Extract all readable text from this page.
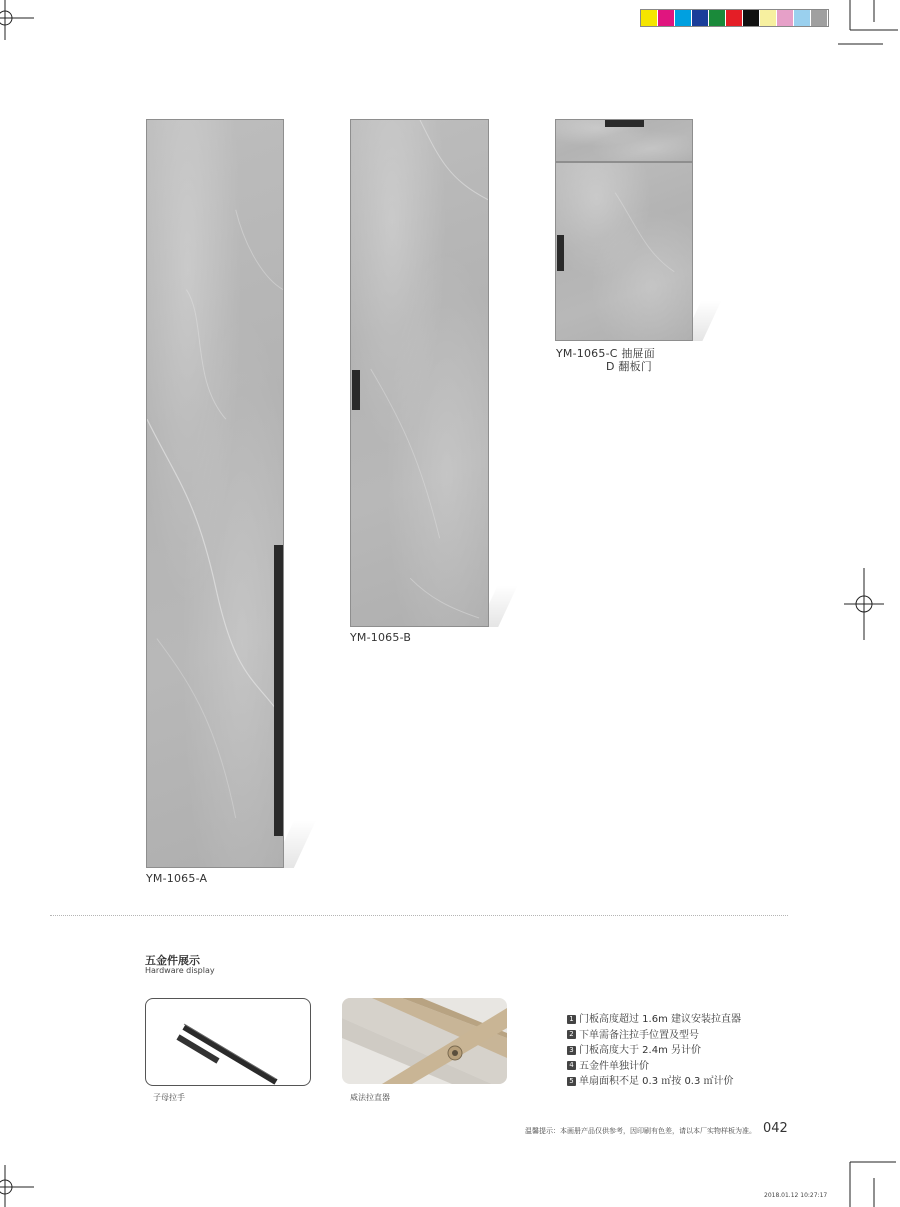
YM-1065-A
YM-1065-B
YM-1065-C 抽屉面
D 翻板门
五金件展示
Hardware display
子母拉手	威法拉直器
1 门板高度超过 1.6m 建议安装拉直器
2 下单需备注拉手位置及型号
3 门板高度大于 2.4m 另计价
4 五金件单独计价
5 单扇面积不足 0.3 ㎡按 0.3 ㎡计价
温馨提示：本画册产品仅供参考，因印刷有色差，请以本厂实物样板为准。 042
2018.01.12 10:27:17
